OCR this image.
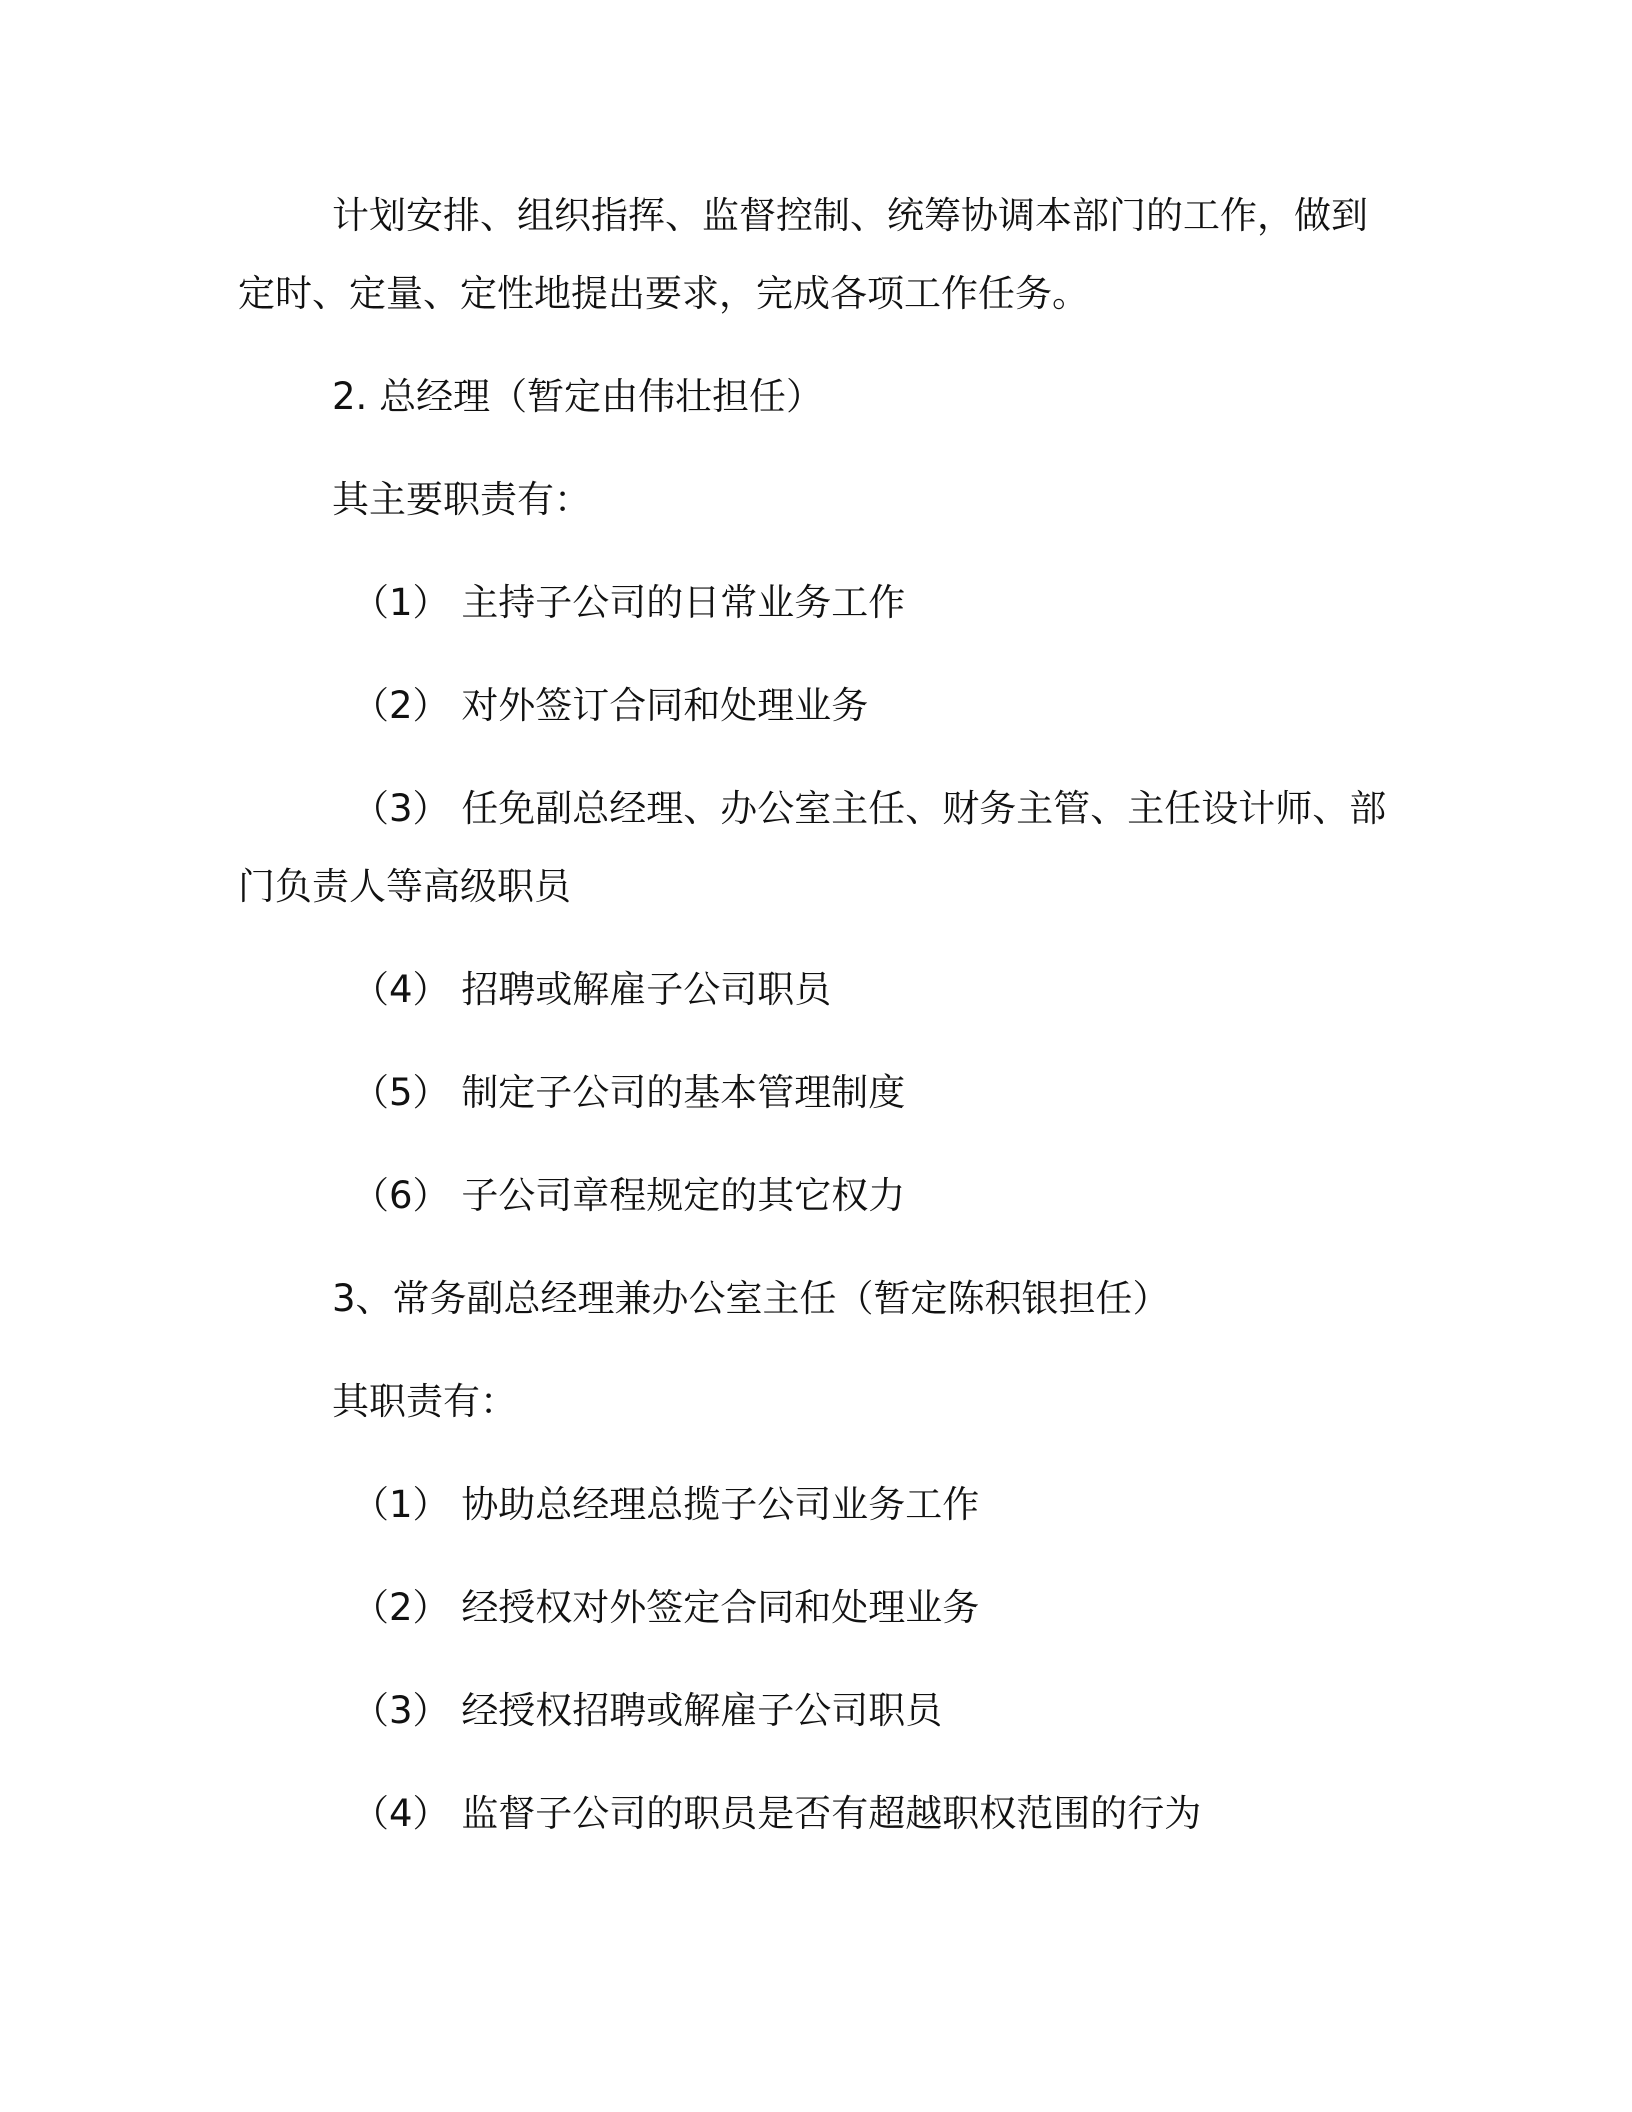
计划安排、组织指挥、监督控制、统筹协调本部门的工作，做到
定时、定量、定性地提出要求，完成各项工作任务。
2. 总经理（暂定由伟壮担任）
其主要职责有：
（1） 主持子公司的日常业务工作
（2） 对外签订合同和处理业务
（3） 任免副总经理、办公室主任、财务主管、主任设计师、部
门负责人等高级职员
（4） 招聘或解雇子公司职员
（5） 制定子公司的基本管理制度
（6） 子公司章程规定的其它权力
3、常务副总经理兼办公室主任（暂定陈积银担任）
其职责有：
（1） 协助总经理总揽子公司业务工作
（2） 经授权对外签定合同和处理业务
（3） 经授权招聘或解雇子公司职员
（4） 监督子公司的职员是否有超越职权范围的行为
